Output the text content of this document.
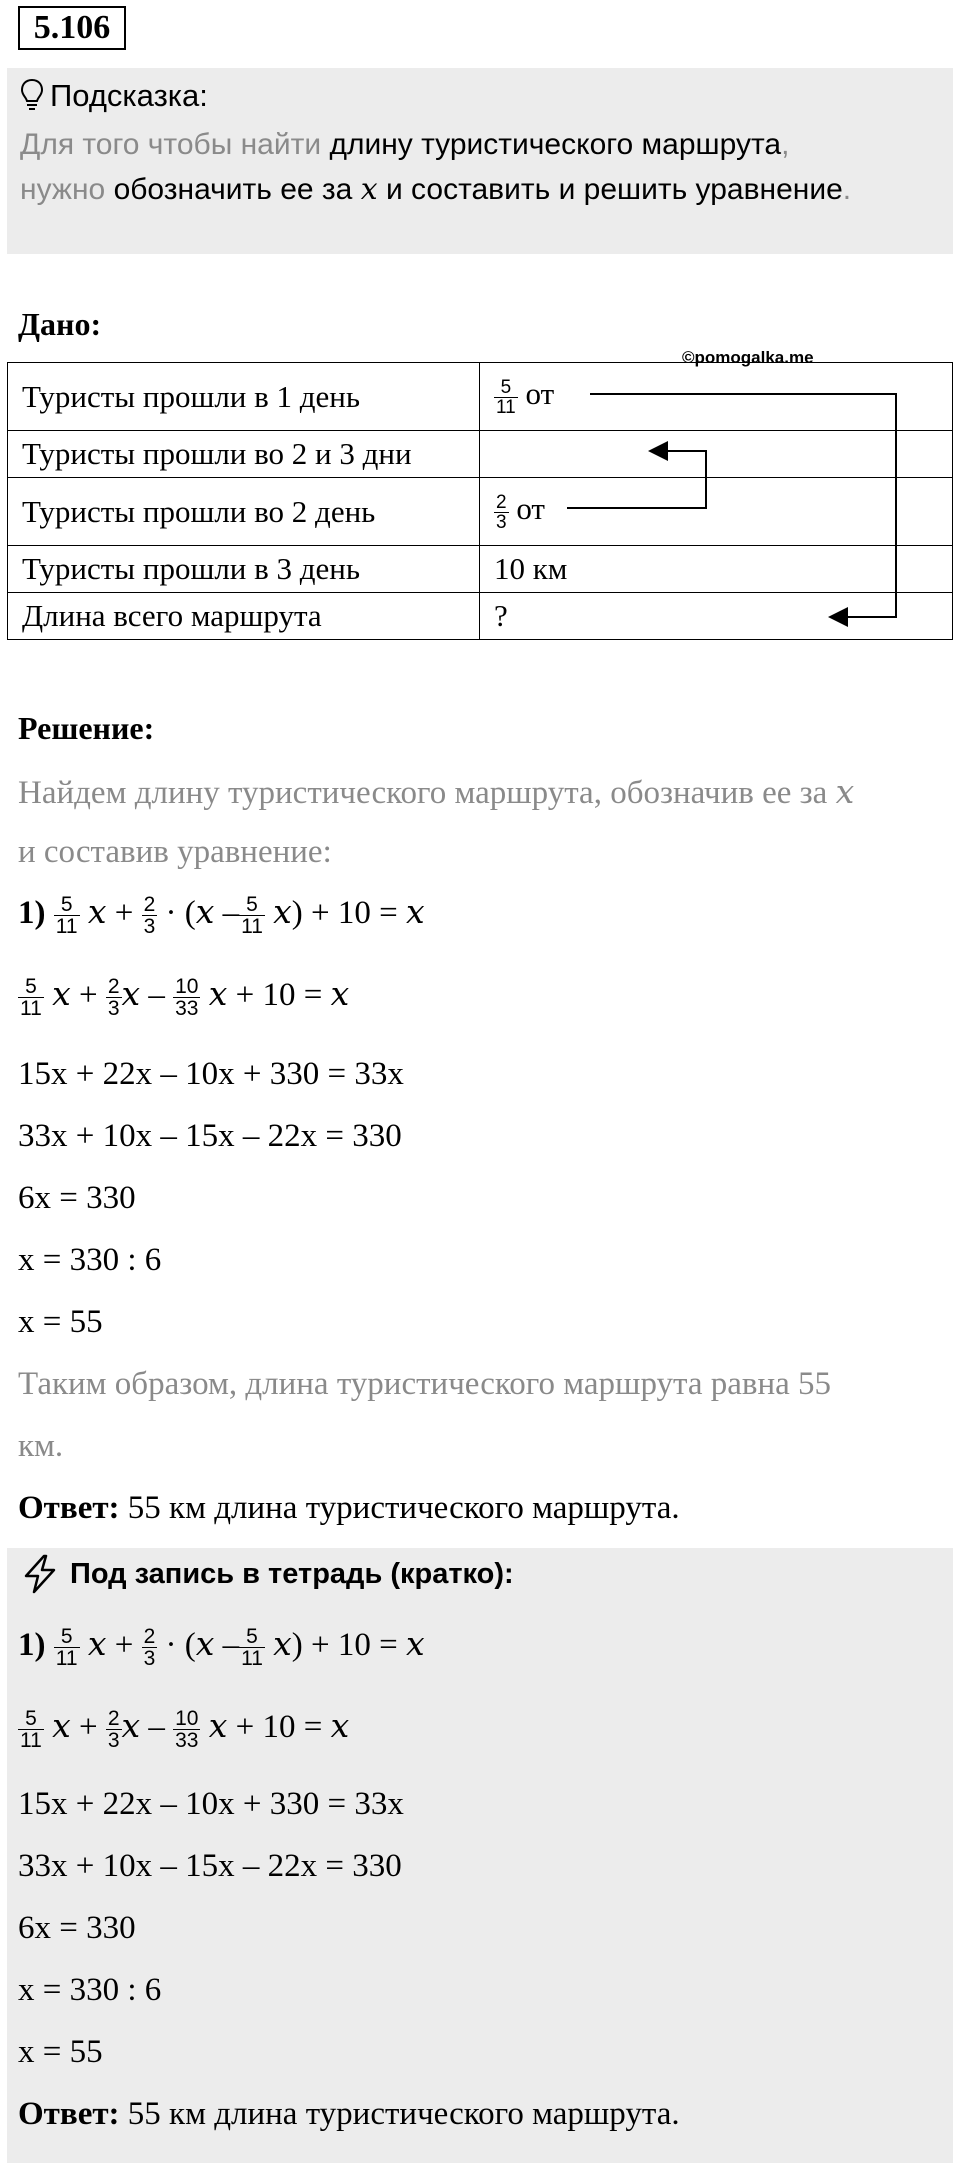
5.106
Подсказка:
Для того чтобы найти длину туристического маршрута,
нужно обозначить ее за x и составить и решить уравнение.
Дано:
©pomogalka.me
Туристы прошли в 1 день	$\frac{5}{11}$ от
Туристы прошли во 2 и 3 дни	
Туристы прошли во 2 день	$\frac{2}{3}$ от
Туристы прошли в 3 день	10 км
Длина всего маршрута	?
Решение:
Найдем длину туристического маршрута, обозначив ее за x
и составив уравнение:
$1) \frac{5}{11}$ $x + \frac{2}{3} \cdot (x - \frac{5}{11} x) + 10 = x$
$\frac{5}{11}$ $x + \frac{2}{3}$ x – $\frac{10}{33}$ x + 10 = x
15x + 22x – 10x + 330 = 33x
33x + 10x – 15x – 22x = 330
6x = 330
x = 330 : 6
x = 55
Таким образом, длина туристического маршрута равна 55
км.
Ответ: 55 км длина туристического маршрута.
Под запись в тетрадь (кратко):
$1) \frac{5}{11}$ $x + \frac{2}{3} \cdot (x - \frac{5}{11} x) + 10 = x$
$\frac{5}{11}$ $x + \frac{2}{3}$ x – $\frac{10}{33}$ x + 10 = x
15x + 22x – 10x + 330 = 33x
33x + 10x – 15x – 22x = 330
6x = 330
x = 330 : 6
x = 55
Ответ: 55 км длина туристического маршрута.
